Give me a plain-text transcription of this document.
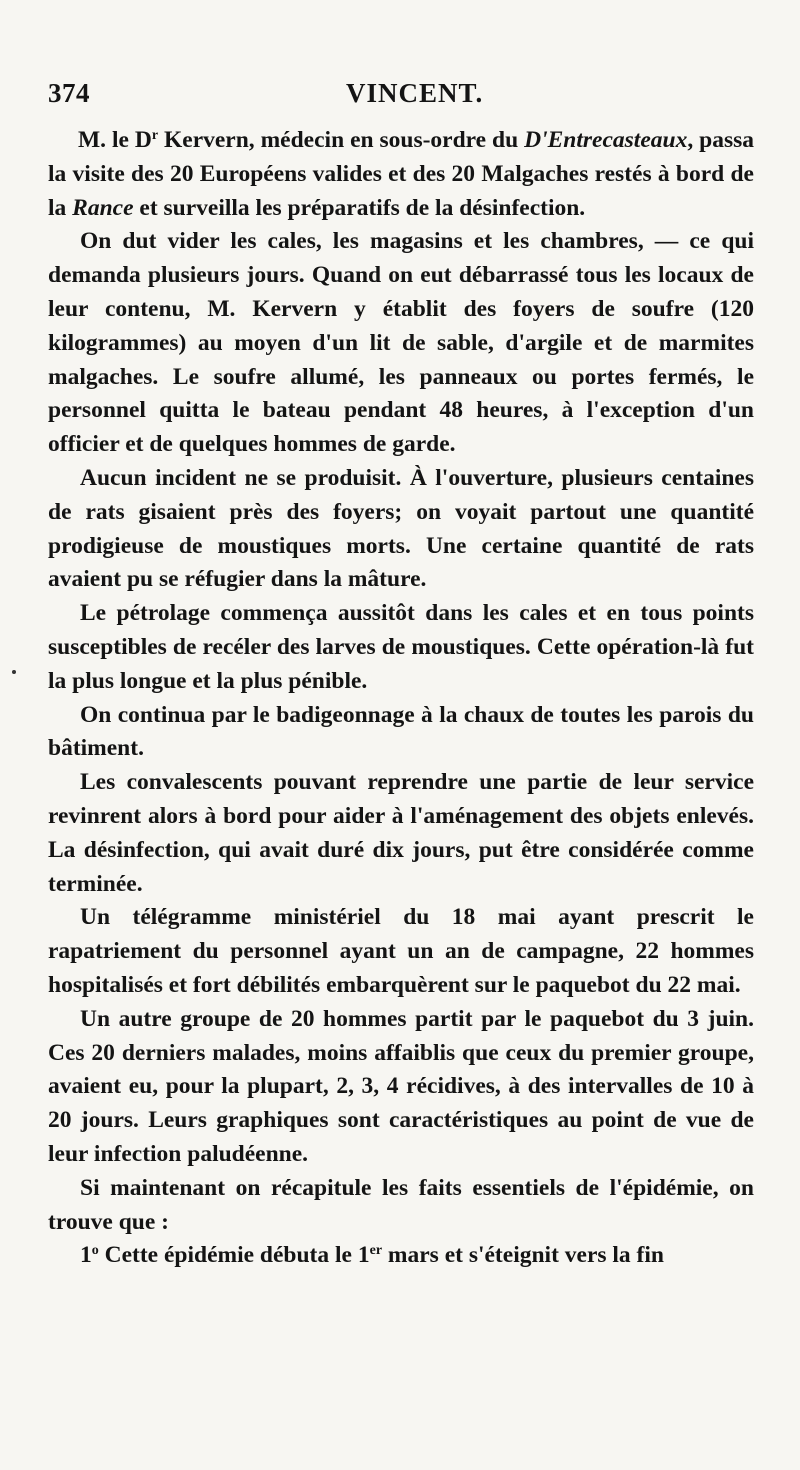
374	VINCENT.

M. le $D^r$ Kervern, médecin en sous-ordre du D'Entrecasteaux, passa la visite des 20 Européens valides et des 20 Malgaches restés à bord de la Rance et surveilla les préparatifs de la désinfection.

On dut vider les cales, les magasins et les chambres, — ce qui demanda plusieurs jours. Quand on eut débarrassé tous les locaux de leur contenu, M. Kervern y établit des foyers de soufre (120 kilogrammes) au moyen d'un lit de sable, d'argile et de marmites malgaches. Le soufre allumé, les panneaux ou portes fermés, le personnel quitta le bateau pendant 48 heures, à l'exception d'un officier et de quelques hommes de garde.

Aucun incident ne se produisit. À l'ouverture, plusieurs centaines de rats gisaient près des foyers; on voyait partout une quantité prodigieuse de moustiques morts. Une certaine quantité de rats avaient pu se réfugier dans la mâture.

Le pétrolage commença aussitôt dans les cales et en tous points susceptibles de recéler des larves de moustiques. Cette opération-là fut la plus longue et la plus pénible.

On continua par le badigeonnage à la chaux de toutes les parois du bâtiment.

Les convalescents pouvant reprendre une partie de leur service revinrent alors à bord pour aider à l'aménagement des objets enlevés. La désinfection, qui avait duré dix jours, put être considérée comme terminée.

Un télégramme ministériel du 18 mai ayant prescrit le rapatriement du personnel ayant un an de campagne, 22 hommes hospitalisés et fort débilités embarquèrent sur le paquebot du 22 mai.

Un autre groupe de 20 hommes partit par le paquebot du 3 juin. Ces 20 derniers malades, moins affaiblis que ceux du premier groupe, avaient eu, pour la plupart, 2, 3, 4 récidives, à des intervalles de 10 à 20 jours. Leurs graphiques sont caractéristiques au point de vue de leur infection paludéenne.

Si maintenant on récapitule les faits essentiels de l'épidémie, on trouve que :

1$^o$ Cette épidémie débuta le 1er mars et s'éteignit vers la fin
